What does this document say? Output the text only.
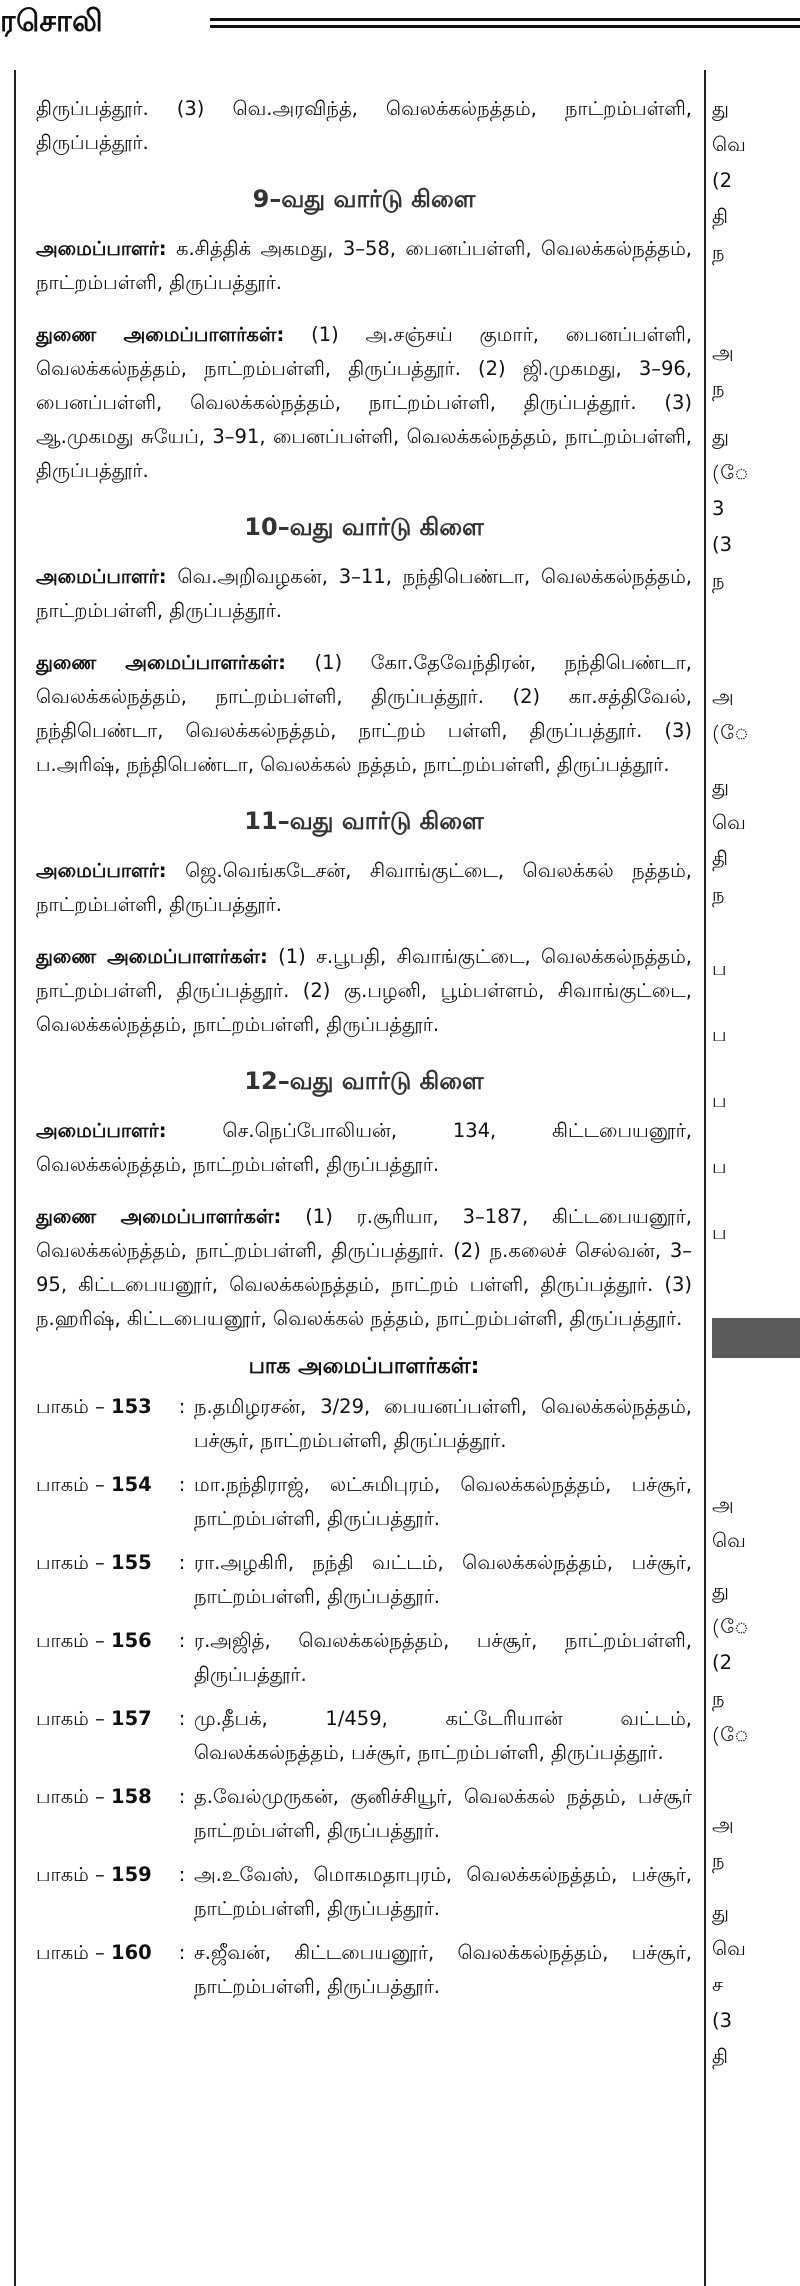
ரசொலி

திருப்பத்தூர். (3) வெ.அரவிந்த், வெலக்கல்நத்தம், நாட்றம்பள்ளி, திருப்பத்தூர்.

9–வது வார்டு கிளை

அமைப்பாளர்: க.சித்திக் அகமது, 3–58, பைனப்பள்ளி, வெலக்கல்நத்தம், நாட்றம்பள்ளி, திருப்பத்தூர்.

துணை அமைப்பாளர்கள்: (1) அ.சஞ்சய் குமார், பைனப்பள்ளி, வெலக்கல்நத்தம், நாட்றம்பள்ளி, திருப்பத்தூர். (2) ஜி.முகமது, 3–96, பைனப்பள்ளி, வெலக்கல்நத்தம், நாட்றம்பள்ளி, திருப்பத்தூர். (3) ஆ.முகமது சுயேப், 3–91, பைனப்பள்ளி, வெலக்கல்நத்தம், நாட்றம்பள்ளி, திருப்பத்தூர்.

10–வது வார்டு கிளை

அமைப்பாளர்: வெ.அறிவழகன், 3–11, நந்திபெண்டா, வெலக்கல்நத்தம், நாட்றம்பள்ளி, திருப்பத்தூர்.

துணை அமைப்பாளர்கள்: (1) கோ.தேவேந்திரன், நந்திபெண்டா, வெலக்கல்நத்தம், நாட்றம்பள்ளி, திருப்பத்தூர். (2) கா.சத்திவேல், நந்திபெண்டா, வெலக்கல்நத்தம், நாட்றம் பள்ளி, திருப்பத்தூர். (3) ப.அரிஷ், நந்திபெண்டா, வெலக்கல் நத்தம், நாட்றம்பள்ளி, திருப்பத்தூர்.

11–வது வார்டு கிளை

அமைப்பாளர்: ஜெ.வெங்கடேசன், சிவாங்குட்டை, வெலக்கல் நத்தம், நாட்றம்பள்ளி, திருப்பத்தூர்.

துணை அமைப்பாளர்கள்: (1) ச.பூபதி, சிவாங்குட்டை, வெலக்கல்நத்தம், நாட்றம்பள்ளி, திருப்பத்தூர். (2) கு.பழனி, பூம்பள்ளம், சிவாங்குட்டை, வெலக்கல்நத்தம், நாட்றம்பள்ளி, திருப்பத்தூர்.

12–வது வார்டு கிளை

அமைப்பாளர்:	செ.நெப்போலியன், 134, கிட்டபையனூர், வெலக்கல்நத்தம், நாட்றம்பள்ளி, திருப்பத்தூர்.

துணை அமைப்பாளர்கள்: (1) ர.சூரியா, 3–187, கிட்டபையனூர், வெலக்கல்நத்தம், நாட்றம்பள்ளி, திருப்பத்தூர். (2) ந.கலைச் செல்வன், 3–95, கிட்டபையனூர், வெலக்கல்நத்தம், நாட்றம் பள்ளி, திருப்பத்தூர். (3) ந.ஹரிஷ், கிட்டபையனூர், வெலக்கல் நத்தம், நாட்றம்பள்ளி, திருப்பத்தூர்.

பாக அமைப்பாளர்கள்:
பாகம் – 153	: ந.தமிழரசன், 3/29, பையனப்பள்ளி, வெலக்கல்நத்தம், பச்சூர், நாட்றம்பள்ளி, திருப்பத்தூர்.
பாகம் – 154	: மா.நந்திராஜ், லட்சுமிபுரம், வெலக்கல்நத்தம், பச்சூர், நாட்றம்பள்ளி, திருப்பத்தூர்.
பாகம் – 155	: ரா.அழகிரி, நந்தி வட்டம், வெலக்கல்நத்தம், பச்சூர், நாட்றம்பள்ளி, திருப்பத்தூர்.
பாகம் – 156	: ர.அஜித், வெலக்கல்நத்தம், பச்சூர், நாட்றம்பள்ளி, திருப்பத்தூர்.
பாகம் – 157	: மு.தீபக், 1/459, கட்டேரியான் வட்டம், வெலக்கல்நத்தம், பச்சூர், நாட்றம்பள்ளி, திருப்பத்தூர்.
பாகம் – 158	: த.வேல்முருகன், குனிச்சியூர், வெலக்கல் நத்தம், பச்சூர் நாட்றம்பள்ளி, திருப்பத்தூர்.
பாகம் – 159	: அ.உவேஸ், மொகமதாபுரம், வெலக்கல்நத்தம், பச்சூர், நாட்றம்பள்ளி, திருப்பத்தூர்.
பாகம் – 160	: ச.ஜீவன், கிட்டபையனூர், வெலக்கல்நத்தம், பச்சூர், நாட்றம்பள்ளி, திருப்பத்தூர்.
து
வெ
(2
தி
ந
அ
ந
து
(ே
3
(3
ந
அ
(ே
து
வெ
தி
ந
ப
ப
ப
ப
ப
அ
வெ
து
(ே
(2
ந
(ே
அ
ந
து
வெ
ச
(3
தி
